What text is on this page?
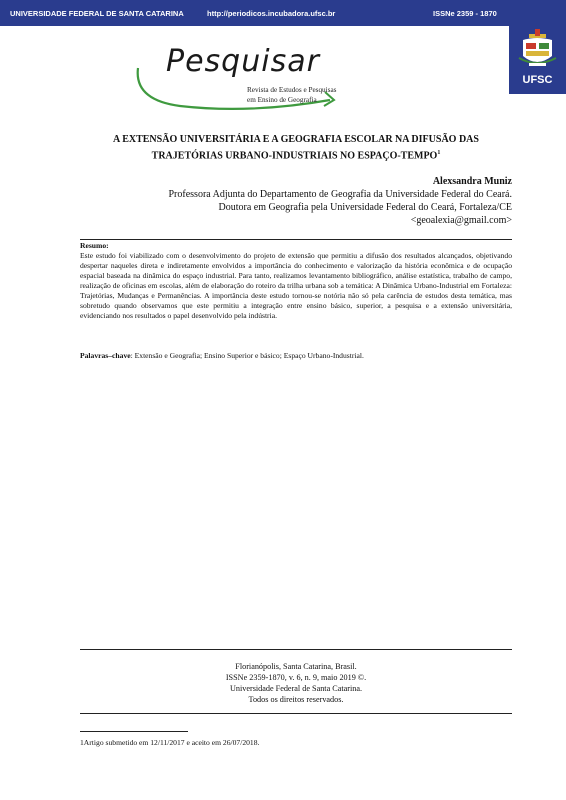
UNIVERSIDADE FEDERAL DE SANTA CATARINA	http://periodicos.incubadora.ufsc.br	ISSNe 2359 - 1870
UFSC
Pesquisar
Revista de Estudos e Pesquisas
em Ensino de Geografia
A EXTENSÃO UNIVERSITÁRIA E A GEOGRAFIA ESCOLAR NA DIFUSÃO DAS
TRAJETÓRIAS URBANO-INDUSTRIAIS NO ESPAÇO-TEMPO$^1$
Alexsandra Muniz
Professora Adjunta do Departamento de Geografia da Universidade Federal do Ceará.
Doutora em Geografia pela Universidade Federal do Ceará, Fortaleza/CE
<geoalexia@gmail.com>
Resumo:
Este estudo foi viabilizado com o desenvolvimento do projeto de extensão que permitiu a difusão dos resultados alcançados, objetivando despertar naqueles direta e indiretamente envolvidos a importância do conhecimento e valorização da história econômica e de ocupação espacial baseada na dinâmica do espaço industrial. Para tanto, realizamos levantamento bibliográfico, análise estatística, trabalho de campo, realização de oficinas em escolas, além de elaboração do roteiro da trilha urbana sob a temática: A Dinâmica Urbano-Industrial em Fortaleza: Trajetórias, Mudanças e Permanências. A importância deste estudo tornou-se notória não só pela carência de estudos desta temática, mas sobretudo quando observamos que este permitiu a integração entre ensino básico, superior, a pesquisa e a extensão universitária, evidenciando nos resultados o papel desenvolvido pela indústria.
Palavras–chave: Extensão e Geografia; Ensino Superior e básico; Espaço Urbano-Industrial.
Florianópolis, Santa Catarina, Brasil.
ISSNe 2359-1870, v. 6, n. 9, maio 2019 ©.
Universidade Federal de Santa Catarina.
Todos os direitos reservados.
1Artigo submetido em 12/11/2017 e aceito em 26/07/2018.
